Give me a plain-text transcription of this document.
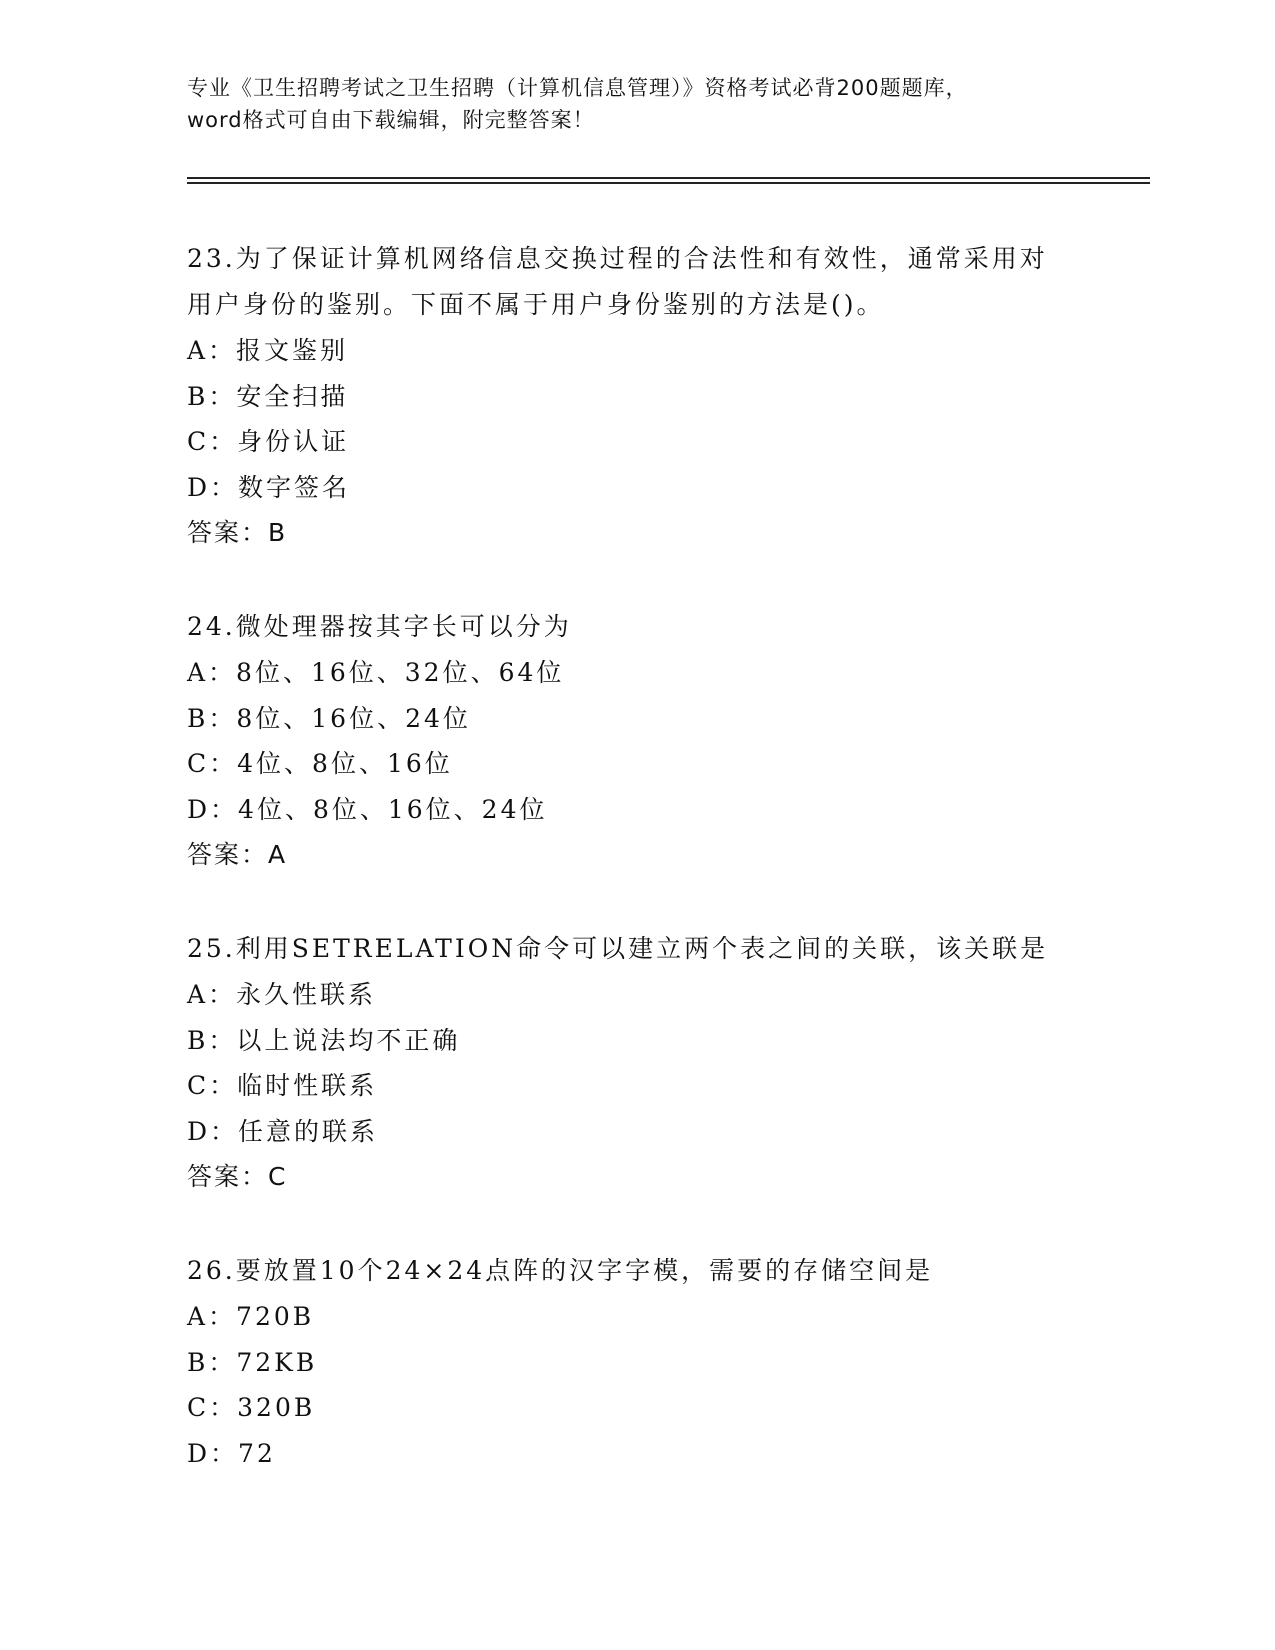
专业《卫生招聘考试之卫生招聘（计算机信息管理）》资格考试必背200题题库，
word格式可自由下载编辑，附完整答案！
23.为了保证计算机网络信息交换过程的合法性和有效性，通常采用对
用户身份的鉴别。下面不属于用户身份鉴别的方法是()。
A：报文鉴别
B：安全扫描
C：身份认证
D：数字签名
答案：B
24.微处理器按其字长可以分为
A：8位、16位、32位、64位
B：8位、16位、24位
C：4位、8位、16位
D：4位、8位、16位、24位
答案：A
25.利用SETRELATION命令可以建立两个表之间的关联，该关联是
A：永久性联系
B：以上说法均不正确
C：临时性联系
D：任意的联系
答案：C
26.要放置10个24×24点阵的汉字字模，需要的存储空间是
A：720B
B：72KB
C：320B
D：72
